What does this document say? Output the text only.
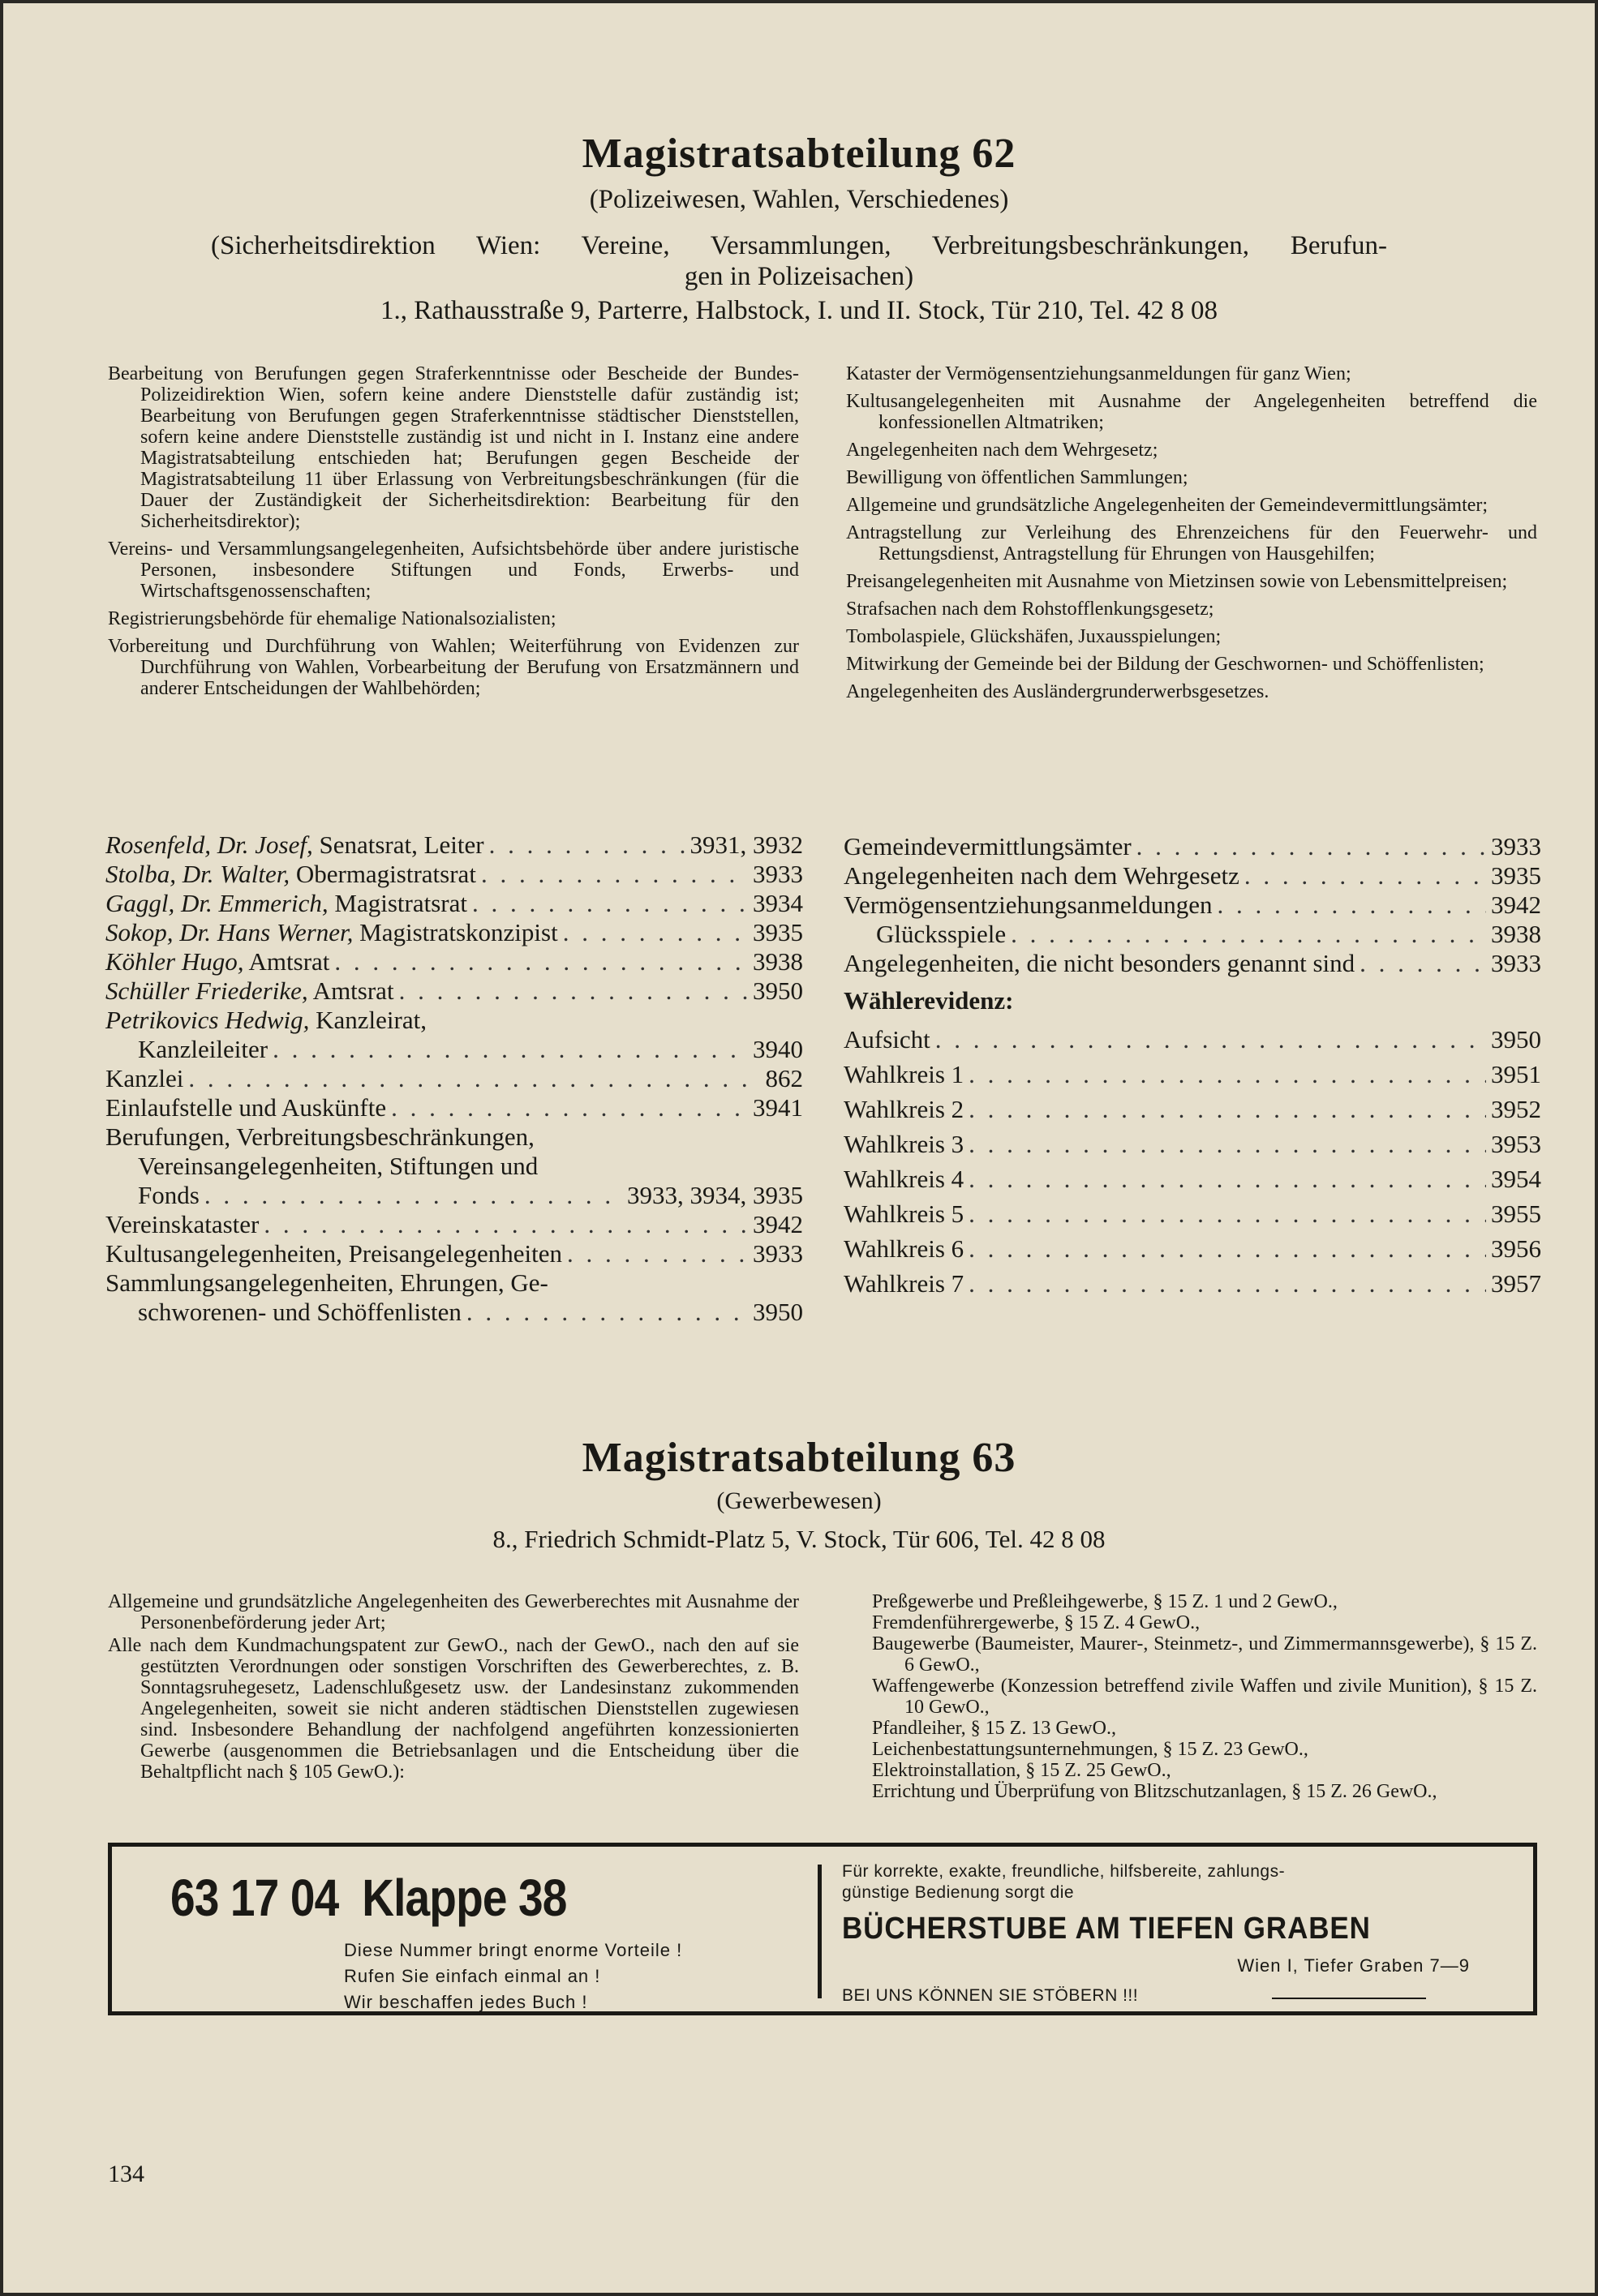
Magistratsabteilung 62
(Polizeiwesen, Wahlen, Verschiedenes)

(Sicherheitsdirektion Wien: Vereine, Versammlungen, Verbreitungsbeschränkungen, Berufun-

gen in Polizeisachen)

1., Rathausstraße 9, Parterre, Halbstock, I. und II. Stock, Tür 210, Tel. 42 8 08

Bearbeitung von Berufungen gegen Straferkenntnisse oder Bescheide der Bundes-Polizeidirektion Wien, sofern keine andere Dienststelle dafür zuständig ist; Bearbeitung von Berufungen gegen Straferkenntnisse städtischer Dienststellen, sofern keine andere Dienststelle zuständig ist und nicht in I. Instanz eine andere Magistratsabteilung entschieden hat; Berufungen gegen Bescheide der Magistratsabteilung 11 über Erlassung von Verbreitungsbeschränkungen (für die Dauer der Zuständigkeit der Sicherheitsdirektion: Bearbeitung für den Sicherheitsdirektor);

Vereins- und Versammlungsangelegenheiten, Aufsichtsbehörde über andere juristische Personen, insbesondere Stiftungen und Fonds, Erwerbs- und Wirtschaftsgenossenschaften;

Registrierungsbehörde für ehemalige Nationalsozialisten;

Vorbereitung und Durchführung von Wahlen; Weiterführung von Evidenzen zur Durchführung von Wahlen, Vorbearbeitung der Berufung von Ersatzmännern und anderer Entscheidungen der Wahlbehörden;

Kataster der Vermögensentziehungsanmeldungen für ganz Wien;

Kultusangelegenheiten mit Ausnahme der Angelegenheiten betreffend die konfessionellen Altmatriken;

Angelegenheiten nach dem Wehrgesetz;

Bewilligung von öffentlichen Sammlungen;

Allgemeine und grundsätzliche Angelegenheiten der Gemeindevermittlungsämter;

Antragstellung zur Verleihung des Ehrenzeichens für den Feuerwehr- und Rettungsdienst, Antragstellung für Ehrungen von Hausgehilfen;

Preisangelegenheiten mit Ausnahme von Mietzinsen sowie von Lebensmittelpreisen;

Strafsachen nach dem Rohstofflenkungsgesetz;

Tombolaspiele, Glückshäfen, Juxausspielungen;

Mitwirkung der Gemeinde bei der Bildung der Geschwornen- und Schöffenlisten;

Angelegenheiten des Ausländergrunderwerbsgesetzes.

Rosenfeld, Dr. Josef, Senatsrat, Leiter . . .	3931, 3932
Stolba, Dr. Walter, Obermagistratsrat . . .	3933
Gaggl, Dr. Emmerich, Magistratsrat . . .	3934
Sokop, Dr. Hans Werner, Magistratskonzipist . . .	3935
Köhler Hugo, Amtsrat . . .	3938
Schüller Friederike, Amtsrat . . .	3950
Petrikovics Hedwig, Kanzleirat,
Kanzleileiter . . .	3940
Kanzlei . . .	862
Einlaufstelle und Auskünfte . . .	3941
Berufungen, Verbreitungsbeschränkungen,
Vereinsangelegenheiten, Stiftungen und
Fonds . . .	3933, 3934, 3935
Vereinskataster . . .	3942
Kultusangelegenheiten, Preisangelegenheiten . . .	3933
Sammlungsangelegenheiten, Ehrungen, Ge-
schworenen- und Schöffenlisten . . .	3950
Gemeindevermittlungsämter . . .	3933
Angelegenheiten nach dem Wehrgesetz . . .	3935
Vermögensentziehungsanmeldungen . . .	3942
Glücksspiele . . .	3938
Angelegenheiten, die nicht besonders genannt sind . . .	3933
Wählerevidenz:
Aufsicht . . .	3950
Wahlkreis 1 . . .	3951
Wahlkreis 2 . . .	3952
Wahlkreis 3 . . .	3953
Wahlkreis 4 . . .	3954
Wahlkreis 5 . . .	3955
Wahlkreis 6 . . .	3956
Wahlkreis 7 . . .	3957
Magistratsabteilung 63
(Gewerbewesen)
8., Friedrich Schmidt-Platz 5, V. Stock, Tür 606, Tel. 42 8 08

Allgemeine und grundsätzliche Angelegenheiten des Gewerberechtes mit Ausnahme der Personenbeförderung jeder Art;

Alle nach dem Kundmachungspatent zur GewO., nach der GewO., nach den auf sie gestützten Verordnungen oder sonstigen Vorschriften des Gewerberechtes, z. B. Sonntagsruhegesetz, Ladenschlußgesetz usw. der Landesinstanz zukommenden Angelegenheiten, soweit sie nicht anderen städtischen Dienststellen zugewiesen sind. Insbesondere Behandlung der nachfolgend angeführten konzessionierten Gewerbe (ausgenommen die Betriebsanlagen und die Entscheidung über die Behaltpflicht nach § 105 GewO.):

Preßgewerbe und Preßleihgewerbe, § 15 Z. 1 und 2 GewO.,

Fremdenführergewerbe, § 15 Z. 4 GewO.,

Baugewerbe (Baumeister, Maurer-, Steinmetz-, und Zimmermannsgewerbe), § 15 Z. 6 GewO.,

Waffengewerbe (Konzession betreffend zivile Waffen und zivile Munition), § 15 Z. 10 GewO.,

Pfandleiher, § 15 Z. 13 GewO.,

Leichenbestattungsunternehmungen, § 15 Z. 23 GewO.,

Elektroinstallation, § 15 Z. 25 GewO.,

Errichtung und Überprüfung von Blitzschutzanlagen, § 15 Z. 26 GewO.,

63 17 04  Klappe 38
Diese Nummer bringt enorme Vorteile !
Rufen Sie einfach einmal an !
Wir beschaffen jedes Buch !
Für korrekte, exakte, freundliche, hilfsbereite, zahlungs-
günstige Bedienung sorgt die
BÜCHERSTUBE AM TIEFEN GRABEN
Wien I, Tiefer Graben 7—9
BEI UNS KÖNNEN SIE STÖBERN !!!
134
